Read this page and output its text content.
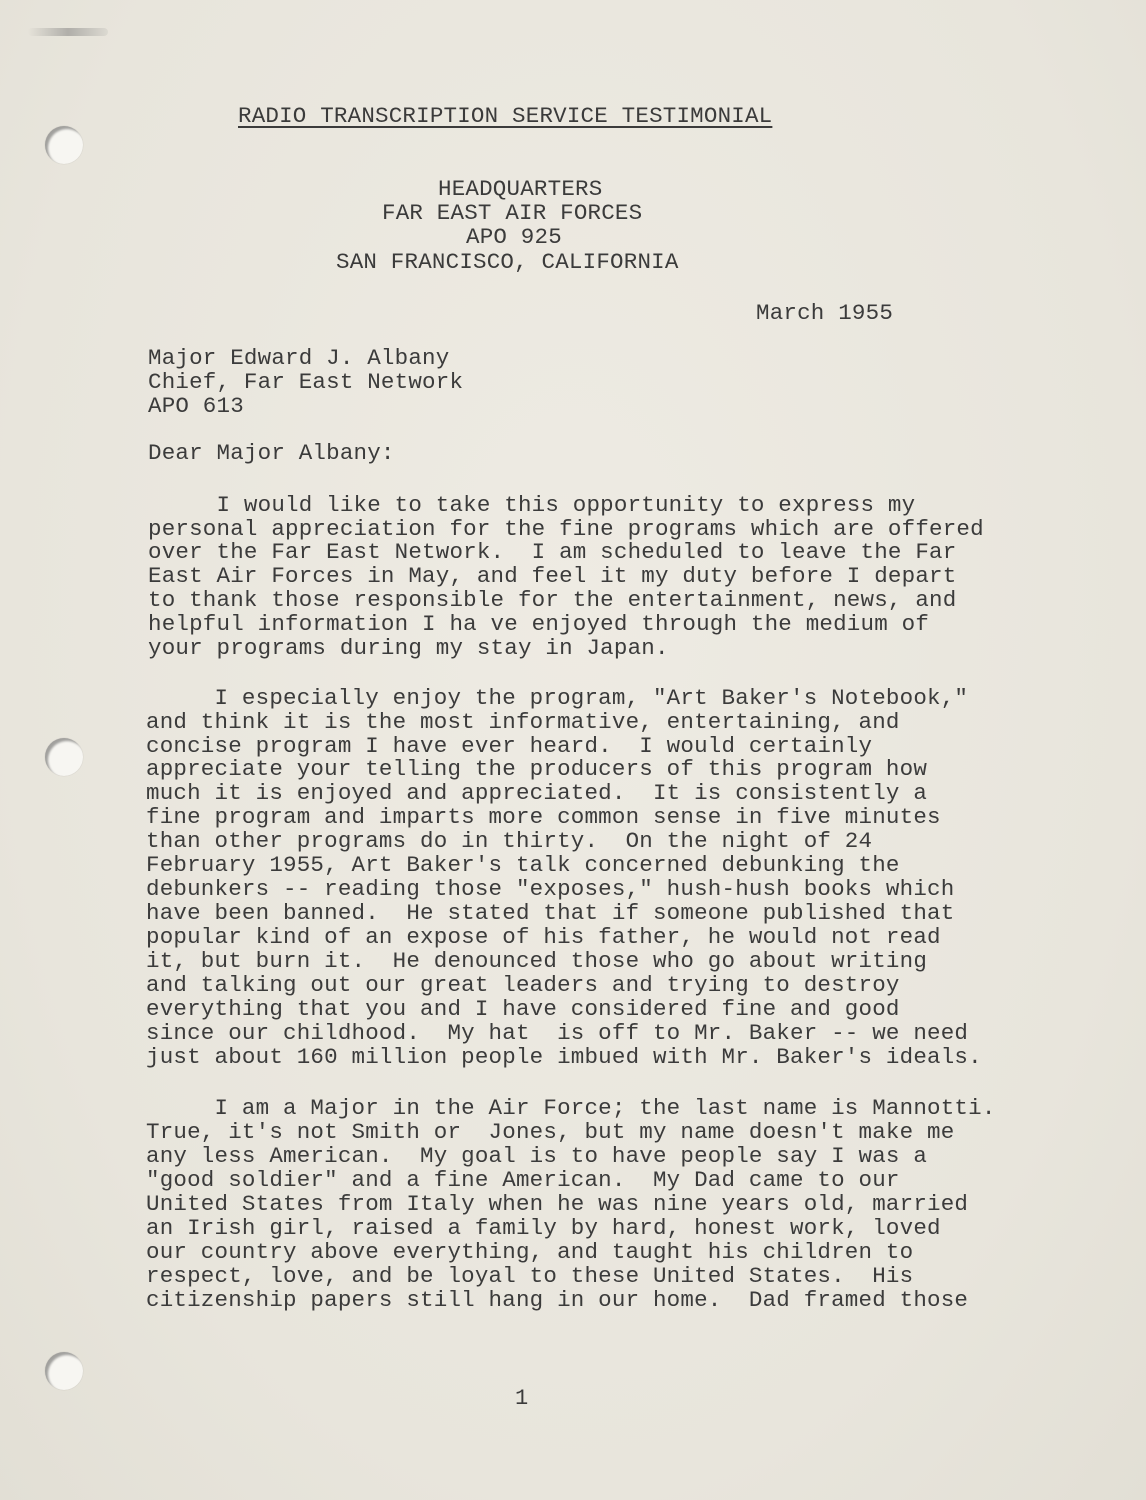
RADIO TRANSCRIPTION SERVICE TESTIMONIAL
HEADQUARTERS
FAR EAST AIR FORCES
APO 925
SAN FRANCISCO, CALIFORNIA
March 1955
Major Edward J. Albany
Chief, Far East Network
APO 613
Dear Major Albany:
I would like to take this opportunity to express my
personal appreciation for the fine programs which are offered
over the Far East Network.  I am scheduled to leave the Far
East Air Forces in May, and feel it my duty before I depart
to thank those responsible for the entertainment, news, and
helpful information I ha ve enjoyed through the medium of
your programs during my stay in Japan.
I especially enjoy the program, "Art Baker's Notebook,"
and think it is the most informative, entertaining, and
concise program I have ever heard.  I would certainly
appreciate your telling the producers of this program how
much it is enjoyed and appreciated.  It is consistently a
fine program and imparts more common sense in five minutes
than other programs do in thirty.  On the night of 24
February 1955, Art Baker's talk concerned debunking the
debunkers -- reading those "exposes," hush-hush books which
have been banned.  He stated that if someone published that
popular kind of an expose of his father, he would not read
it, but burn it.  He denounced those who go about writing
and talking out our great leaders and trying to destroy
everything that you and I have considered fine and good
since our childhood.  My hat  is off to Mr. Baker -- we need
just about 160 million people imbued with Mr. Baker's ideals.
I am a Major in the Air Force; the last name is Mannotti.
True, it's not Smith or  Jones, but my name doesn't make me
any less American.  My goal is to have people say I was a
"good soldier" and a fine American.  My Dad came to our
United States from Italy when he was nine years old, married
an Irish girl, raised a family by hard, honest work, loved
our country above everything, and taught his children to
respect, love, and be loyal to these United States.  His
citizenship papers still hang in our home.  Dad framed those
1
